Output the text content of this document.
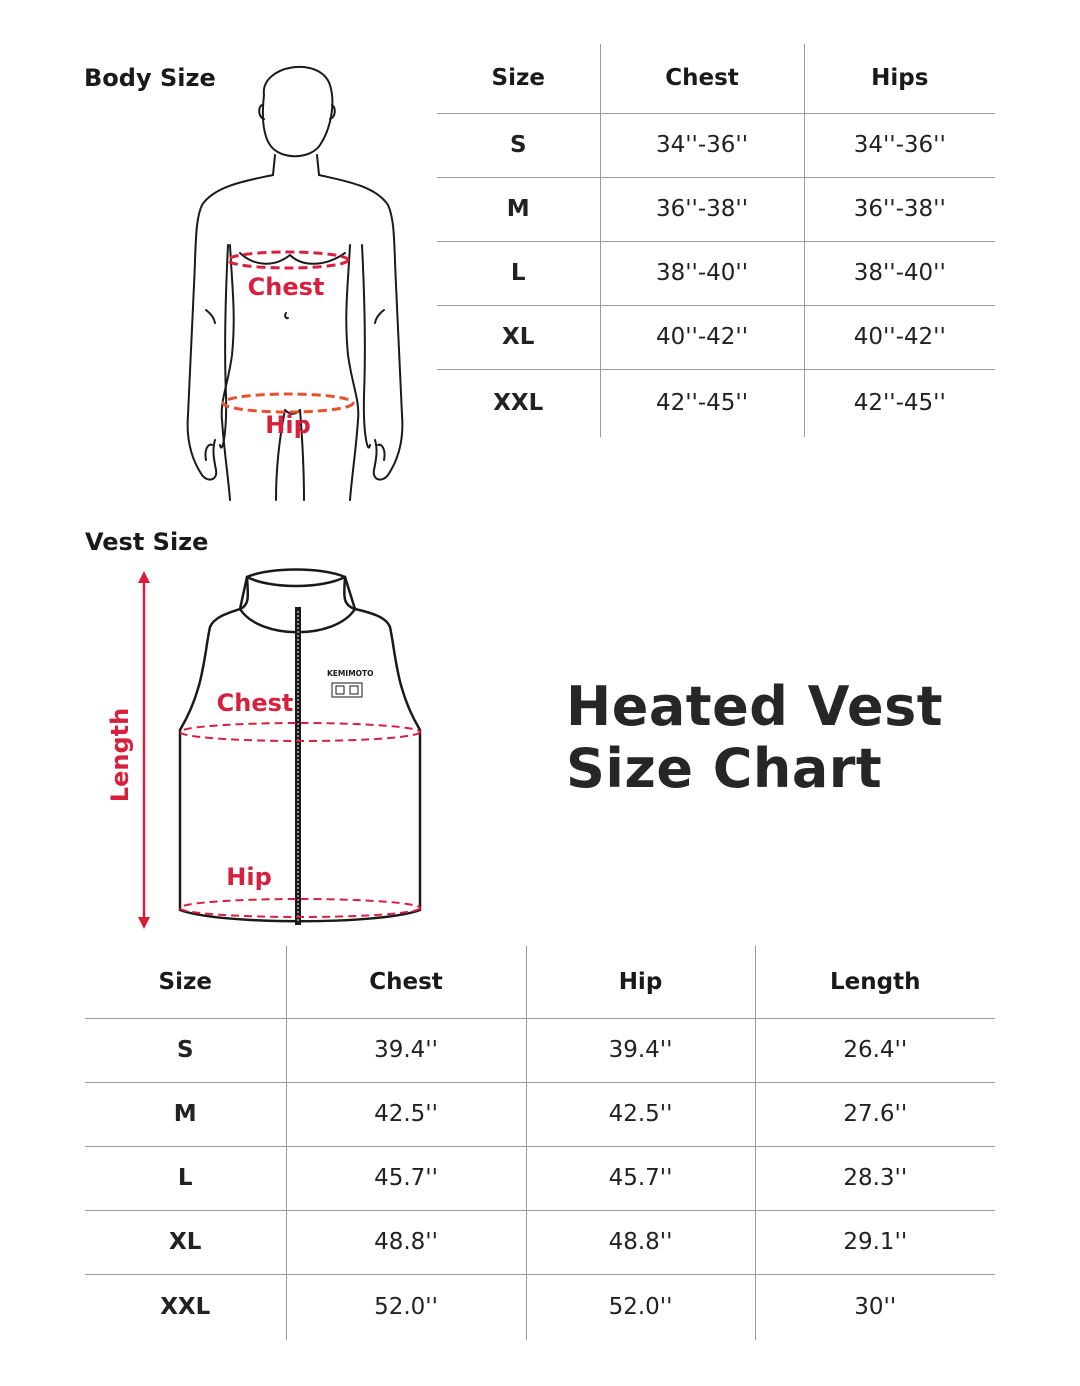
Body Size
Vest Size
Chest
Hip
Size	Chest	Hips
S	34''-36''	34''-36''
M	36''-38''	36''-38''
L	38''-40''	38''-40''
XL	40''-42''	40''-42''
XXL	42''-45''	42''-45''
Length
KEMIMOTO
Chest
Hip
Heated Vest
Size Chart
Size	Chest	Hip	Length
S	39.4''	39.4''	26.4''
M	42.5''	42.5''	27.6''
L	45.7''	45.7''	28.3''
XL	48.8''	48.8''	29.1''
XXL	52.0''	52.0''	30''
